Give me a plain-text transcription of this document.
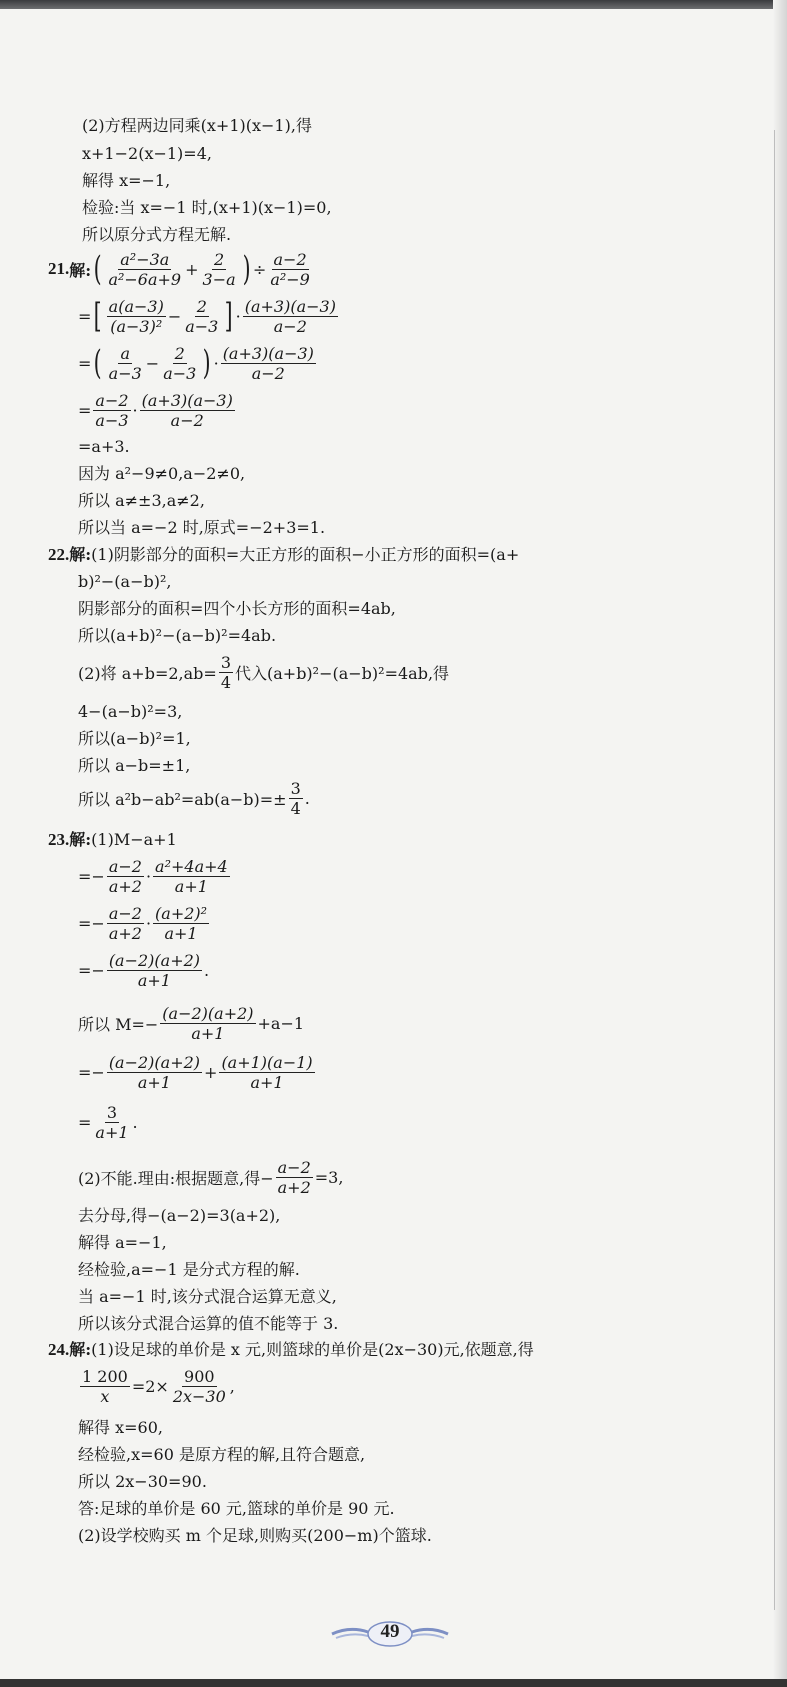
(2)方程两边同乘(x+1)(x−1),得
x+1−2(x−1)=4,
解得 x=−1,
检验:当 x=−1 时,(x+1)(x−1)=0,
所以原分式方程无解.
21. 解: ( $\frac{\text{a²−3a}}{\text{a²−6a+9}} + \frac{2}{3-a}$ ) ÷ $\frac{a-2}{\text{a²−9}}$
= [ $\frac{a(a-3)}{\text{(a−3)²}} - \frac{2}{a-3}$ ] · $\frac{(a+3)(a-3)}{a-2}$
= ( $\frac{a}{a-3} - \frac{2}{a-3}$ ) · $\frac{(a+3)(a-3)}{a-2}$
= $\frac{a-2}{a-3} \cdot \frac{(a+3)(a-3)}{a-2}$
=a+3.
因为 a²−9≠0,a−2≠0,
所以 a≠±3,a≠2,
所以当 a=−2 时,原式=−2+3=1.
22.解:(1)阴影部分的面积=大正方形的面积−小正方形的面积=(a+
b)²−(a−b)²,
阴影部分的面积=四个小长方形的面积=4ab,
所以(a+b)²−(a−b)²=4ab.
(2)将 $a+b=2,ab= \frac{3}{4}$ 代入(a+b)²−(a−b)²=4ab,得
4−(a−b)²=3,
所以(a−b)²=1,
所以 a−b=±1,
所以 $a^2b-ab^2=ab(a-b)=\pm \frac{3}{4}$ .
23.解:(1)M−a+1
=− $\frac{a-2}{a+2} \cdot \frac{\text{a²+4a+4}}{a+1}$
=− $\frac{a-2}{a+2} \cdot \frac{\text{(a+2)²}}{a+1}$
=− $\frac{(a-2)(a+2)}{a+1}$ .
所以 $M=- \frac{(a-2)(a+2)}{a+1} +a-1$
=− $\frac{(a-2)(a+2)}{a+1} + \frac{(a+1)(a-1)}{a+1}$
= $\frac{3}{a+1}$ .
(2)不能.理由:根据题意,得− $\frac{a-2}{a+2} =3$,
去分母,得−(a−2)=3(a+2),
解得 a=−1,
经检验,a=−1 是分式方程的解.
当 a=−1 时,该分式混合运算无意义,
所以该分式混合运算的值不能等于 3.
24.解:(1)设足球的单价是 x 元,则篮球的单价是(2x−30)元,依题意,得
$\frac{1 200}{x} =2\times \frac{900}{2x-30}$ ,
解得 x=60,
经检验,x=60 是原方程的解,且符合题意,
所以 2x−30=90.
答:足球的单价是 60 元,篮球的单价是 90 元.
(2)设学校购买 m 个足球,则购买(200−m)个篮球.
49
